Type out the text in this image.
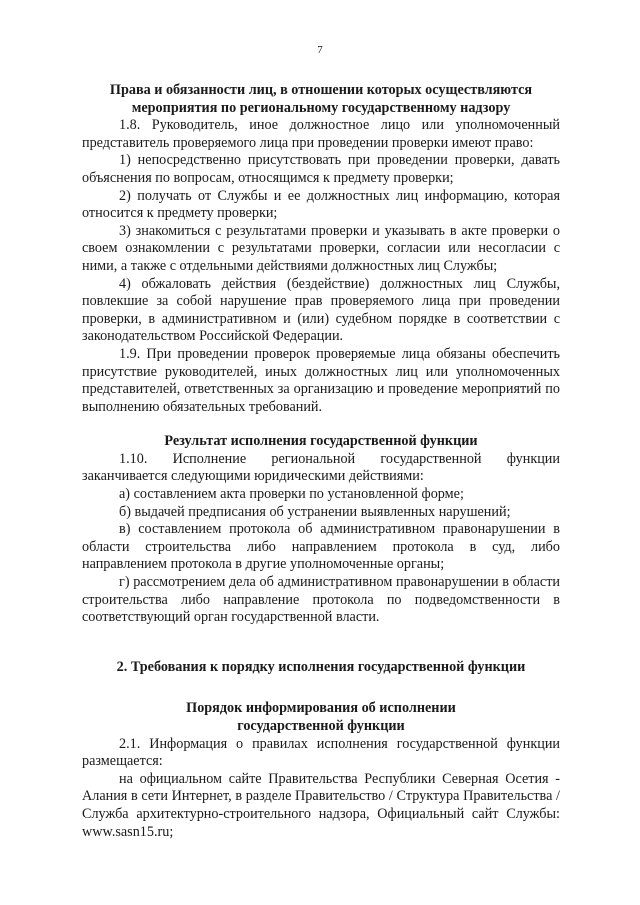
7
Права и обязанности лиц, в отношении которых осуществляются
мероприятия по региональному государственному надзору

1.8. Руководитель, иное должностное лицо или уполномоченный представитель проверяемого лица при проведении проверки имеют право:

1) непосредственно присутствовать при проведении проверки, давать объяснения по вопросам, относящимся к предмету проверки;

2) получать от Службы и ее должностных лиц информацию, которая относится к предмету проверки;

3) знакомиться с результатами проверки и указывать в акте проверки о своем ознакомлении с результатами проверки, согласии или несогласии с ними, а также с отдельными действиями должностных лиц Службы;

4) обжаловать действия (бездействие) должностных лиц Службы, повлекшие за собой нарушение прав проверяемого лица при проведении проверки, в административном и (или) судебном порядке в соответствии с законодательством Российской Федерации.

1.9. При проведении проверок проверяемые лица обязаны обеспечить присутствие руководителей, иных должностных лиц или уполномоченных представителей, ответственных за организацию и проведение мероприятий по выполнению обязательных требований.

Результат исполнения государственной функции

1.10. Исполнение региональной государственной функции заканчивается следующими юридическими действиями:

а) составлением акта проверки по установленной форме;

б) выдачей предписания об устранении выявленных нарушений;

в) составлением протокола об административном правонарушении в области строительства либо направлением протокола в суд, либо направлением протокола в другие уполномоченные органы;

г) рассмотрением дела об административном правонарушении в области строительства либо направление протокола по подведомственности в соответствующий орган государственной власти.

2. Требования к порядку исполнения государственной функции
Порядок информирования об исполнении
государственной функции

2.1. Информация о правилах исполнения государственной функции размещается:

на официальном сайте Правительства Республики Северная Осетия - Алания в сети Интернет, в разделе Правительство / Структура Правительства / Служба архитектурно-строительного надзора, Официальный сайт Службы: www.sasn15.ru;
